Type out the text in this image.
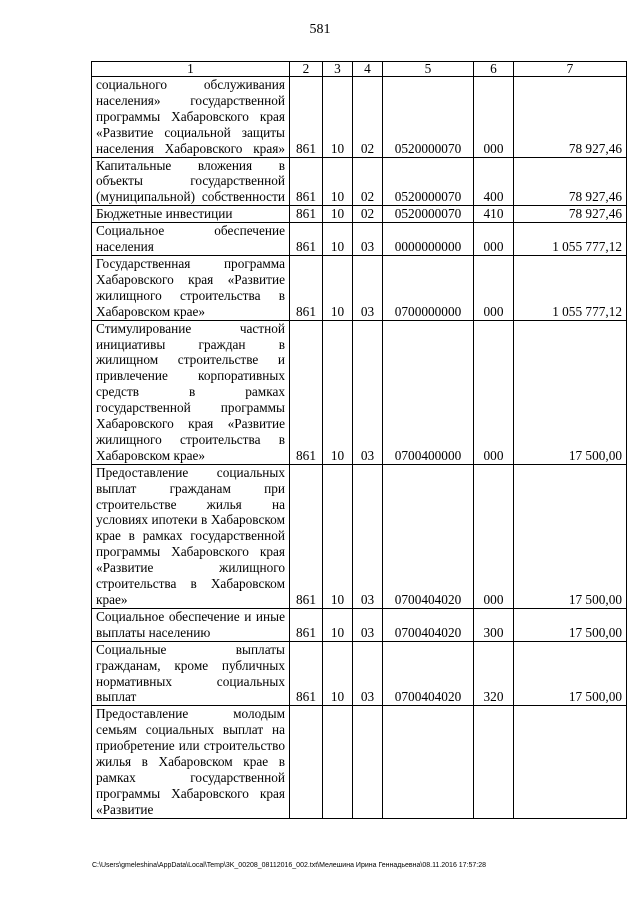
581
1	2	3	4	5	6	7
социального обслуживания населения» государственной программы Хабаровского края «Развитие социальной защиты населения Хабаровского края»	861	10	02	0520000070	000	78 927,46
Капитальные вложения в объекты государственной (муниципальной) собственности	861	10	02	0520000070	400	78 927,46
Бюджетные инвестиции	861	10	02	0520000070	410	78 927,46
Социальное обеспечение населения	861	10	03	0000000000	000	1 055 777,12
Государственная программа Хабаровского края «Развитие жилищного строительства в Хабаровском крае»	861	10	03	0700000000	000	1 055 777,12
Стимулирование частной инициативы граждан в жилищном строительстве и привлечение корпоративных средств в рамках государственной программы Хабаровского края «Развитие жилищного строительства в Хабаровском крае»	861	10	03	0700400000	000	17 500,00
Предоставление социальных выплат гражданам при строительстве жилья на условиях ипотеки в Хабаровском крае в рамках государственной программы Хабаровского края «Развитие жилищного строительства в Хабаровском крае»	861	10	03	0700404020	000	17 500,00
Социальное обеспечение и иные выплаты населению	861	10	03	0700404020	300	17 500,00
Социальные выплаты гражданам, кроме публичных нормативных социальных выплат	861	10	03	0700404020	320	17 500,00
Предоставление молодым семьям социальных выплат на приобретение или строительство жилья в Хабаровском крае в рамках государственной программы Хабаровского края «Развитие						
C:\Users\gmeleshina\AppData\Local\Temp\3K_00208_08112016_002.txt\Мелешина Ирина Геннадьевна\08.11.2016 17:57:28
